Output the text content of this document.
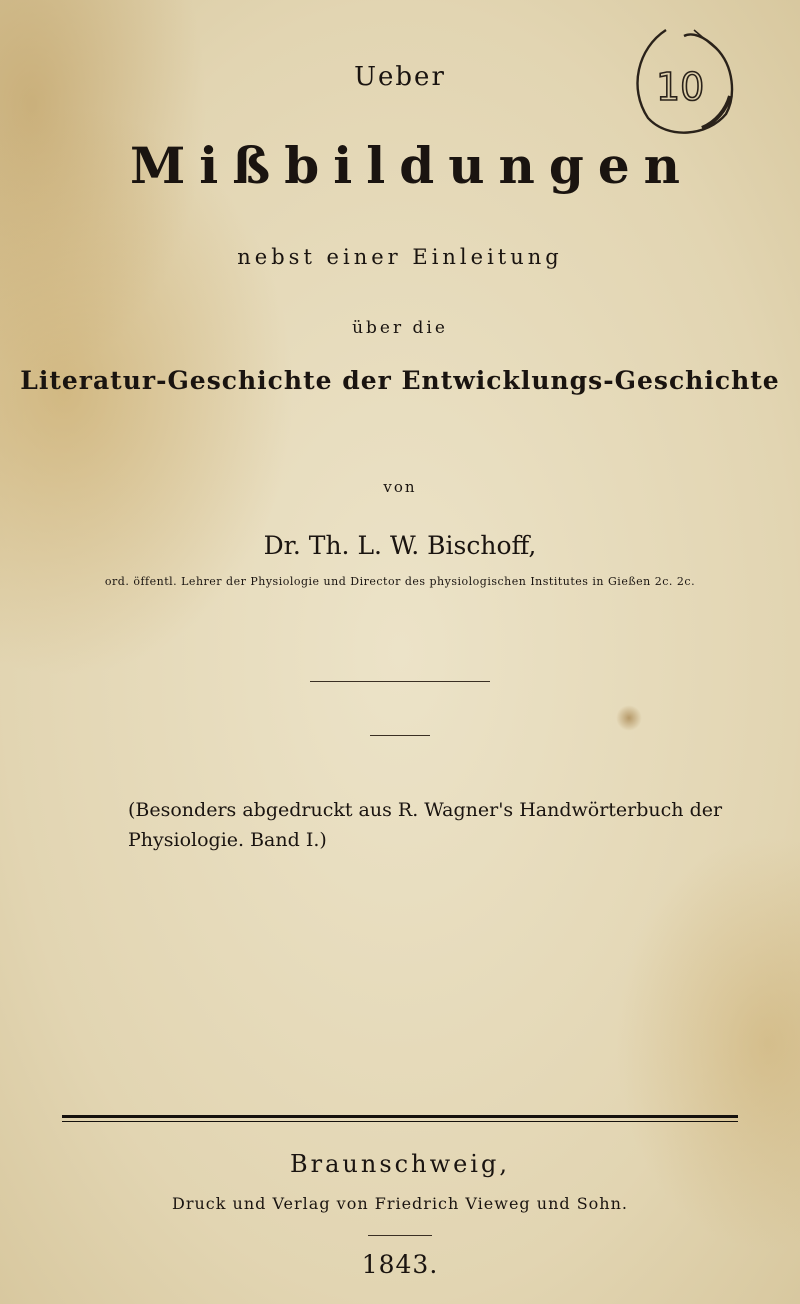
10
Ueber
Mißbildungen
nebst einer Einleitung
über die
Literatur-Geschichte der Entwicklungs-Geschichte
von
Dr. Th. L. W. Bischoff,
ord. öffentl. Lehrer der Physiologie und Director des physiologischen Institutes in Gießen 2c. 2c.
(Besonders abgedruckt aus R. Wagner's Handwörterbuch der Physiologie. Band I.)
Braunschweig,
Druck und Verlag von Friedrich Vieweg und Sohn.
1843.
